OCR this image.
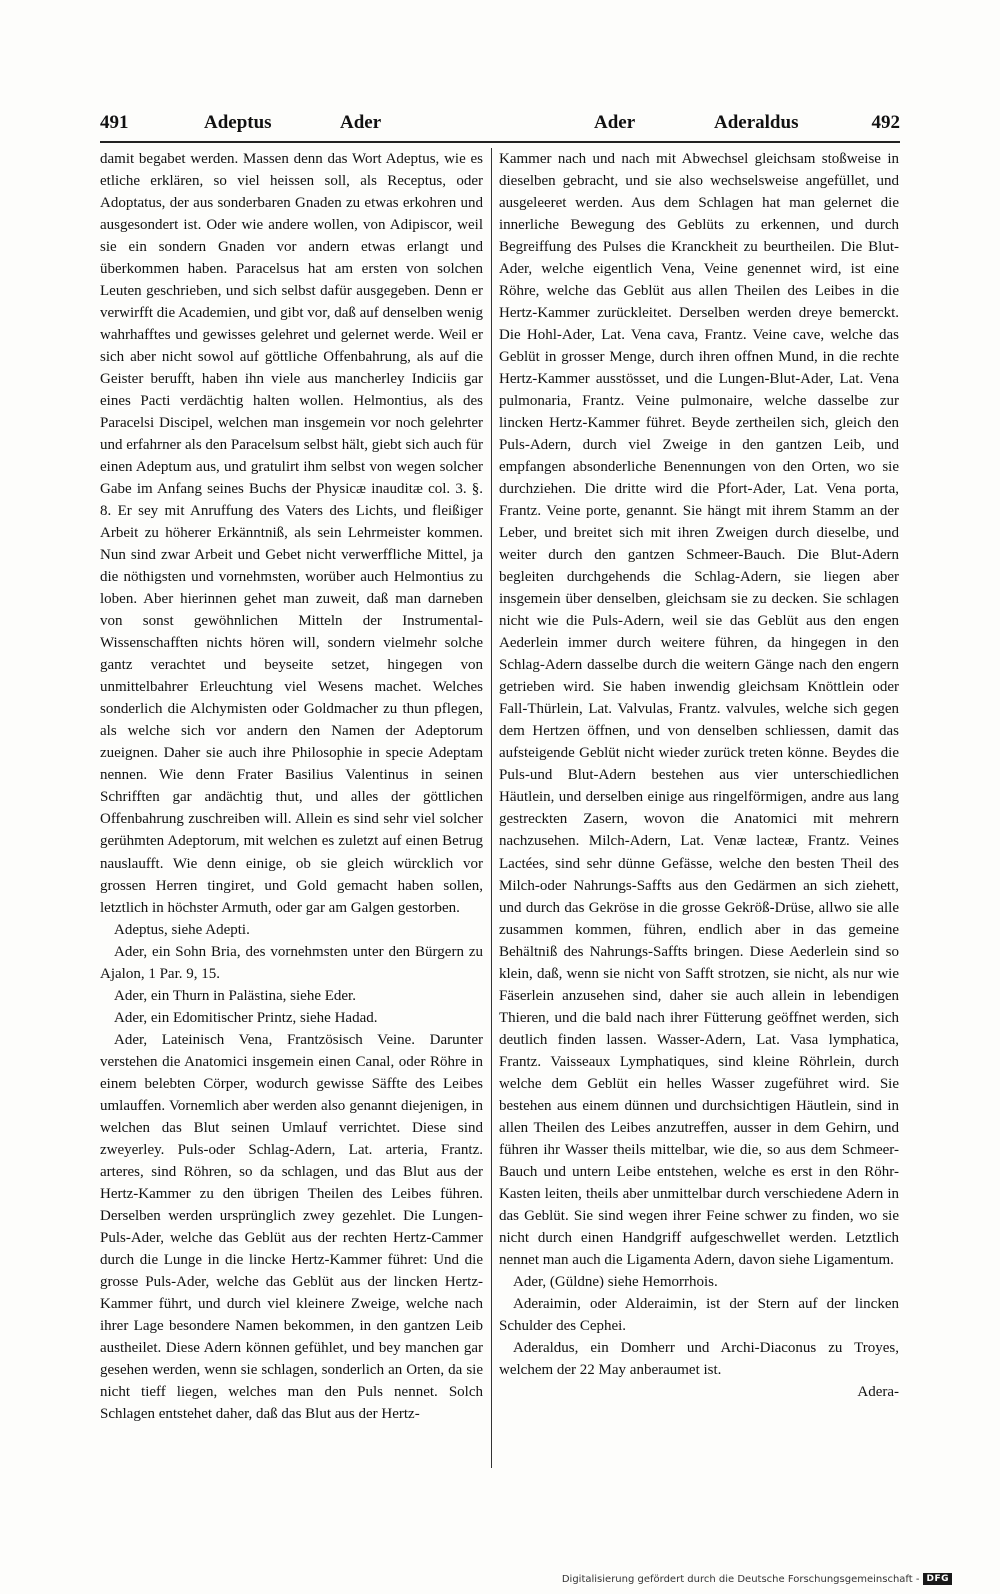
491	Adeptus	Ader	Ader	Aderaldus	492

damit begabet werden. Massen denn das Wort Adeptus, wie es etliche erklären, so viel heissen soll, als Receptus, oder Adoptatus, der aus sonderbaren Gnaden zu etwas erkohren und ausgesondert ist. Oder wie andere wollen, von Adipiscor, weil sie ein sondern Gnaden vor andern etwas erlangt und überkommen haben. Paracelsus hat am ersten von solchen Leuten geschrieben, und sich selbst dafür ausgegeben. Denn er verwirfft die Academien, und gibt vor, daß auf denselben wenig wahrhafftes und gewisses gelehret und gelernet werde. Weil er sich aber nicht sowol auf göttliche Offenbahrung, als auf die Geister berufft, haben ihn viele aus mancherley Indiciis gar eines Pacti verdächtig halten wollen. Helmontius, als des Paracelsi Discipel, welchen man insgemein vor noch gelehrter und erfahrner als den Paracelsum selbst hält, giebt sich auch für einen Adeptum aus, und gratulirt ihm selbst von wegen solcher Gabe im Anfang seines Buchs der Physicæ inauditæ col. 3. §. 8. Er sey mit Anruffung des Vaters des Lichts, und fleißiger Arbeit zu höherer Erkänntniß, als sein Lehrmeister kommen. Nun sind zwar Arbeit und Gebet nicht verwerffliche Mittel, ja die nöthigsten und vornehmsten, worüber auch Helmontius zu loben. Aber hierinnen gehet man zuweit, daß man darneben von sonst gewöhnlichen Mitteln der Instrumental-Wissenschafften nichts hören will, sondern vielmehr solche gantz verachtet und beyseite setzet, hingegen von unmittelbahrer Erleuchtung viel Wesens machet. Welches sonderlich die Alchymisten oder Goldmacher zu thun pflegen, als welche sich vor andern den Namen der Adeptorum zueignen. Daher sie auch ihre Philosophie in specie Adeptam nennen. Wie denn Frater Basilius Valentinus in seinen Schrifften gar andächtig thut, und alles der göttlichen Offenbahrung zuschreiben will. Allein es sind sehr viel solcher gerühmten Adeptorum, mit welchen es zuletzt auf einen Betrug nauslaufft. Wie denn einige, ob sie gleich würcklich vor grossen Herren tingiret, und Gold gemacht haben sollen, letztlich in höchster Armuth, oder gar am Galgen gestorben.

Adeptus, siehe Adepti.

Ader, ein Sohn Bria, des vornehmsten unter den Bürgern zu Ajalon, 1 Par. 9, 15.

Ader, ein Thurn in Palästina, siehe Eder.

Ader, ein Edomitischer Printz, siehe Hadad.

Ader, Lateinisch Vena, Frantzösisch Veine. Darunter verstehen die Anatomici insgemein einen Canal, oder Röhre in einem belebten Cörper, wodurch gewisse Säffte des Leibes umlauffen. Vornemlich aber werden also genannt diejenigen, in welchen das Blut seinen Umlauf verrichtet. Diese sind zweyerley. Puls-oder Schlag-Adern, Lat. arteria, Frantz. arteres, sind Röhren, so da schlagen, und das Blut aus der Hertz-Kammer zu den übrigen Theilen des Leibes führen. Derselben werden ursprünglich zwey gezehlet. Die Lungen-Puls-Ader, welche das Geblüt aus der rechten Hertz-Cammer durch die Lunge in die lincke Hertz-Kammer führet: Und die grosse Puls-Ader, welche das Geblüt aus der lincken Hertz-Kammer führt, und durch viel kleinere Zweige, welche nach ihrer Lage besondere Namen bekommen, in den gantzen Leib austheilet. Diese Adern können gefühlet, und bey manchen gar gesehen werden, wenn sie schlagen, sonderlich an Orten, da sie nicht tieff liegen, welches man den Puls nennet. Solch Schlagen entstehet daher, daß das Blut aus der Hertz-

Kammer nach und nach mit Abwechsel gleichsam stoßweise in dieselben gebracht, und sie also wechselsweise angefüllet, und ausgeleeret werden. Aus dem Schlagen hat man gelernet die innerliche Bewegung des Geblüts zu erkennen, und durch Begreiffung des Pulses die Kranckheit zu beurtheilen. Die Blut-Ader, welche eigentlich Vena, Veine genennet wird, ist eine Röhre, welche das Geblüt aus allen Theilen des Leibes in die Hertz-Kammer zurückleitet. Derselben werden dreye bemerckt. Die Hohl-Ader, Lat. Vena cava, Frantz. Veine cave, welche das Geblüt in grosser Menge, durch ihren offnen Mund, in die rechte Hertz-Kammer ausstösset, und die Lungen-Blut-Ader, Lat. Vena pulmonaria, Frantz. Veine pulmonaire, welche dasselbe zur lincken Hertz-Kammer führet. Beyde zertheilen sich, gleich den Puls-Adern, durch viel Zweige in den gantzen Leib, und empfangen absonderliche Benennungen von den Orten, wo sie durchziehen. Die dritte wird die Pfort-Ader, Lat. Vena porta, Frantz. Veine porte, genannt. Sie hängt mit ihrem Stamm an der Leber, und breitet sich mit ihren Zweigen durch dieselbe, und weiter durch den gantzen Schmeer-Bauch. Die Blut-Adern begleiten durchgehends die Schlag-Adern, sie liegen aber insgemein über denselben, gleichsam sie zu decken. Sie schlagen nicht wie die Puls-Adern, weil sie das Geblüt aus den engen Aederlein immer durch weitere führen, da hingegen in den Schlag-Adern dasselbe durch die weitern Gänge nach den engern getrieben wird. Sie haben inwendig gleichsam Knöttlein oder Fall-Thürlein, Lat. Valvulas, Frantz. valvules, welche sich gegen dem Hertzen öffnen, und von denselben schliessen, damit das aufsteigende Geblüt nicht wieder zurück treten könne. Beydes die Puls-und Blut-Adern bestehen aus vier unterschiedlichen Häutlein, und derselben einige aus ringelförmigen, andre aus lang gestreckten Zasern, wovon die Anatomici mit mehrern nachzusehen. Milch-Adern, Lat. Venæ lacteæ, Frantz. Veines Lactées, sind sehr dünne Gefässe, welche den besten Theil des Milch-oder Nahrungs-Saffts aus den Gedärmen an sich ziehett, und durch das Gekröse in die grosse Gekröß-Drüse, allwo sie alle zusammen kommen, führen, endlich aber in das gemeine Behältniß des Nahrungs-Saffts bringen. Diese Aederlein sind so klein, daß, wenn sie nicht von Safft strotzen, sie nicht, als nur wie Fäserlein anzusehen sind, daher sie auch allein in lebendigen Thieren, und die bald nach ihrer Fütterung geöffnet werden, sich deutlich finden lassen. Wasser-Adern, Lat. Vasa lymphatica, Frantz. Vaisseaux Lymphatiques, sind kleine Röhrlein, durch welche dem Geblüt ein helles Wasser zugeführet wird. Sie bestehen aus einem dünnen und durchsichtigen Häutlein, sind in allen Theilen des Leibes anzutreffen, ausser in dem Gehirn, und führen ihr Wasser theils mittelbar, wie die, so aus dem Schmeer-Bauch und untern Leibe entstehen, welche es erst in den Röhr-Kasten leiten, theils aber unmittelbar durch verschiedene Adern in das Geblüt. Sie sind wegen ihrer Feine schwer zu finden, wo sie nicht durch einen Handgriff aufgeschwellet werden. Letztlich nennet man auch die Ligamenta Adern, davon siehe Ligamentum.

Ader, (Güldne) siehe Hemorrhois.

Aderaimin, oder Alderaimin, ist der Stern auf der lincken Schulder des Cephei.

Aderaldus, ein Domherr und Archi-Diaconus zu Troyes, welchem der 22 May anberaumet ist.

Adera-

Digitalisierung gefördert durch die Deutsche Forschungsgemeinschaft - DFG
